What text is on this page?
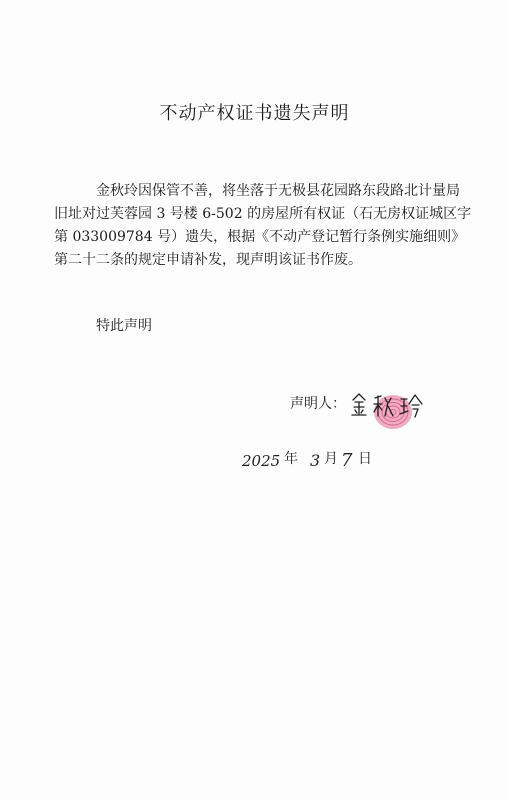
不动产权证书遗失声明
 金秋玲因保管不善，将坐落于无极县花园路东段路北计量局
旧址对过芙蓉园 3 号楼 6-502 的房屋所有权证（石无房权证城区字
第 033009784 号）遗失，根据《不动产登记暂行条例实施细则》
第二十二条的规定申请补发，现声明该证书作废。
 特此声明
声明人：
2025 年 3 月 7 日
